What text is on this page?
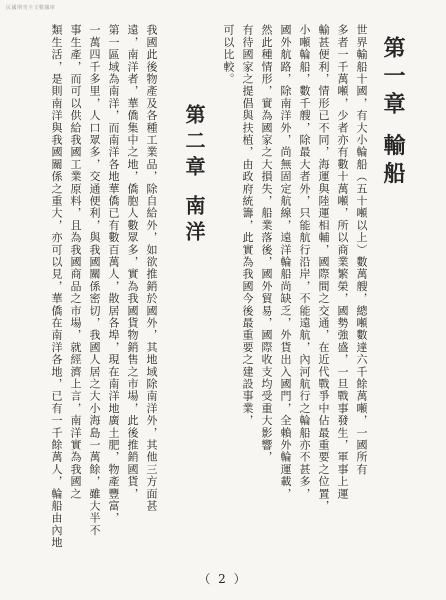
民國期刊全文數據庫
第一章 輸船
世界輸船十國，有大小輪船（五十噸以上）數萬艘，總噸數達六千餘萬噸，一國所有
多者一千萬噸，少者亦有數十萬噸，所以商業繁榮，國勢強盛，一旦戰事發生，軍事上運
輸甚便利，情形已不同，海運與陸運相輔，國際間之交通，在近代戰爭中佔最重要之位置，
小噸輪船，數千艘，除最大者外，只能航行沿岸，不能遠航，內河航行之輪船亦不甚多，
國外航路，除南洋外，尚無固定航線，遠洋輪船尚缺乏，外貨出入國門，全賴外輪運載，
然此種情形，實為國家之大損失，船業落後，國外貿易，國際收支均受重大影響，
有待國家之提倡與扶植，由政府統籌，此實為我國今後最重要之建設事業，
可以比較。
第二章 南洋
我國此後物產及各種工業品，除自給外，如欲推銷於國外，其地域除南洋外，其他三方面甚
遠，南洋者，華僑集中之地，僑胞人數眾多，實為我國貨物銷售之市場，此後推銷國貨，
第一區域為南洋，而南洋各地華僑已有數百萬人，散居各埠，現在南洋地廣土肥，物產豐富，
一萬四千多里，人口眾多，交通便利，與我國關係密切，我國人居之大小海島一萬餘，雖大半不
事生產，而可以供給我國工業原料，且為我國商品之市場，就經濟上言，南洋實為我國之
類生活，是則南洋與我國關係之重大，亦可以見，華僑在南洋各地，已有一千餘萬人，輪船由內地
（ 2 ）
